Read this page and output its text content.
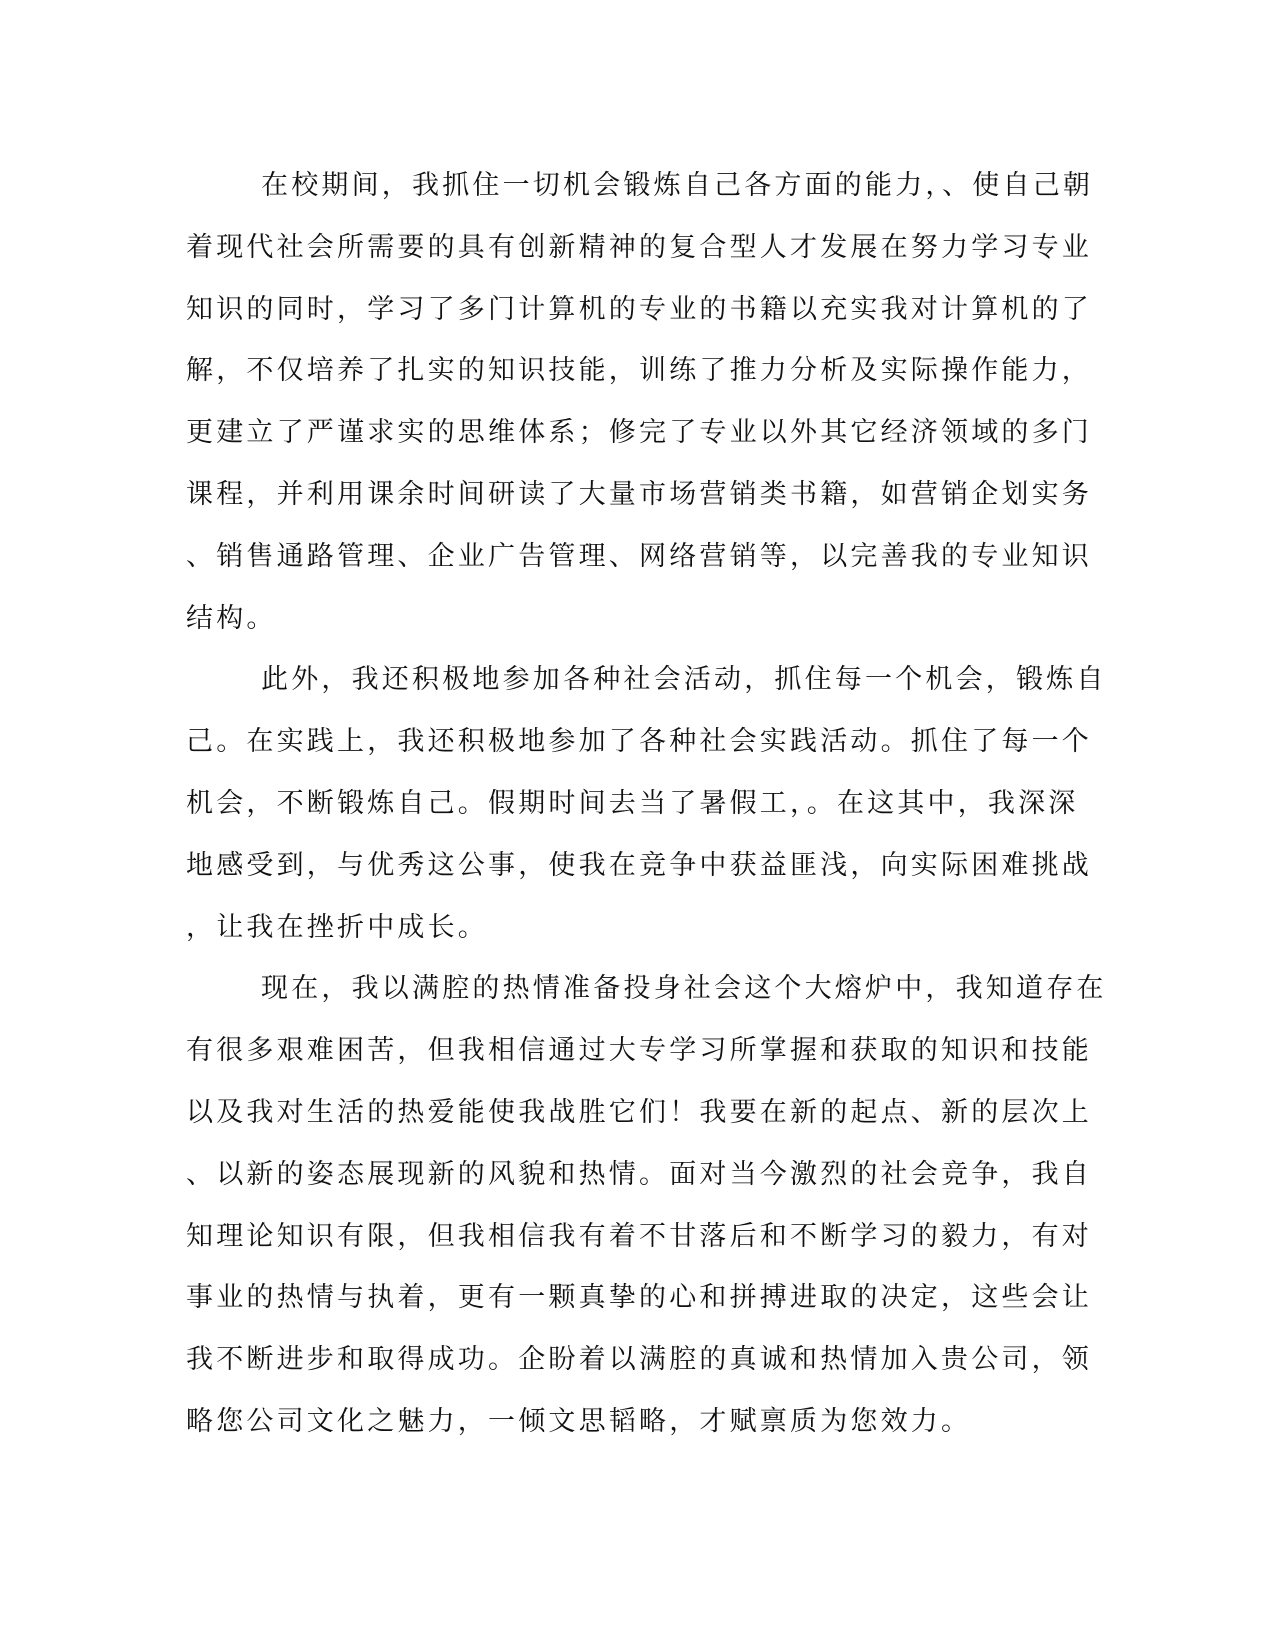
在校期间，我抓住一切机会锻炼自己各方面的能力，、使自己朝
着现代社会所需要的具有创新精神的复合型人才发展在努力学习专业
知识的同时，学习了多门计算机的专业的书籍以充实我对计算机的了
解，不仅培养了扎实的知识技能，训练了推力分析及实际操作能力，
更建立了严谨求实的思维体系；修完了专业以外其它经济领域的多门
课程，并利用课余时间研读了大量市场营销类书籍，如营销企划实务
、销售通路管理、企业广告管理、网络营销等，以完善我的专业知识
结构。
此外，我还积极地参加各种社会活动，抓住每一个机会，锻炼自
己。在实践上，我还积极地参加了各种社会实践活动。抓住了每一个
机会，不断锻炼自己。假期时间去当了暑假工，。在这其中，我深深
地感受到，与优秀这公事，使我在竞争中获益匪浅，向实际困难挑战
，让我在挫折中成长。
现在，我以满腔的热情准备投身社会这个大熔炉中，我知道存在
有很多艰难困苦，但我相信通过大专学习所掌握和获取的知识和技能
以及我对生活的热爱能使我战胜它们！我要在新的起点、新的层次上
、以新的姿态展现新的风貌和热情。面对当今激烈的社会竞争，我自
知理论知识有限，但我相信我有着不甘落后和不断学习的毅力，有对
事业的热情与执着，更有一颗真挚的心和拼搏进取的决定，这些会让
我不断进步和取得成功。企盼着以满腔的真诚和热情加入贵公司，领
略您公司文化之魅力，一倾文思韬略，才赋禀质为您效力。
